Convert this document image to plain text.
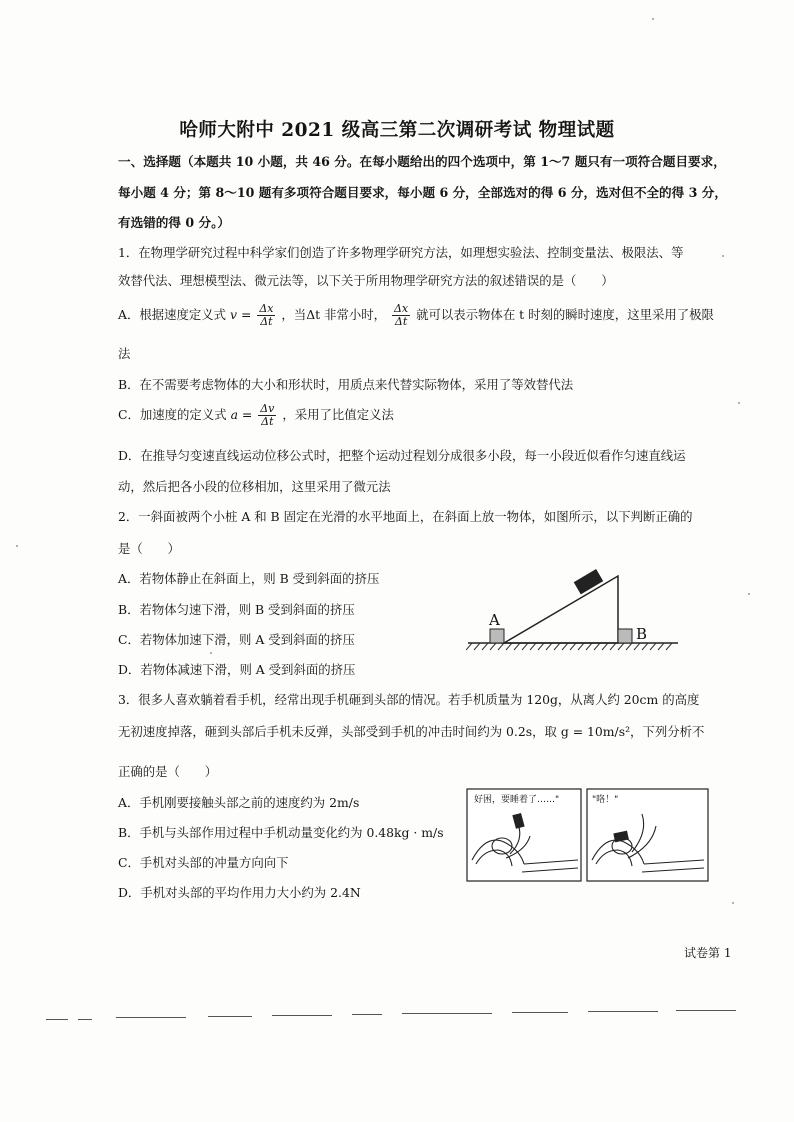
哈师大附中 2021 级高三第二次调研考试 物理试题
一、选择题（本题共 10 小题，共 46 分。在每小题给出的四个选项中，第 1～7 题只有一项符合题目要求，
每小题 4 分；第 8～10 题有多项符合题目要求，每小题 6 分，全部选对的得 6 分，选对但不全的得 3 分，
有选错的得 0 分。）
1．在物理学研究过程中科学家们创造了许多物理学研究方法，如理想实验法、控制变量法、极限法、等
效替代法、理想模型法、微元法等，以下关于所用物理学研究方法的叙述错误的是（　　）
A．根据速度定义式 $v = \frac{\Delta x}{\Delta t}$ ，当Δt 非常小时， $\frac{\Delta x}{\Delta t}$ 就可以表示物体在 t 时刻的瞬时速度，这里采用了极限
法
B．在不需要考虑物体的大小和形状时，用质点来代替实际物体，采用了等效替代法
C．加速度的定义式 $a = \frac{\Delta v}{\Delta t}$ ，采用了比值定义法
D．在推导匀变速直线运动位移公式时，把整个运动过程划分成很多小段，每一小段近似看作匀速直线运
动，然后把各小段的位移相加，这里采用了微元法
2．一斜面被两个小桩 A 和 B 固定在光滑的水平地面上，在斜面上放一物体，如图所示，以下判断正确的
是（　　）
A．若物体静止在斜面上，则 B 受到斜面的挤压
B．若物体匀速下滑，则 B 受到斜面的挤压
C．若物体加速下滑，则 A 受到斜面的挤压
D．若物体减速下滑，则 A 受到斜面的挤压
A
B
3．很多人喜欢躺着看手机，经常出现手机砸到头部的情况。若手机质量为 120g，从离人约 20cm 的高度
无初速度掉落，砸到头部后手机未反弹，头部受到手机的冲击时间约为 0.2s，取 g = 10m/s²，下列分析不
正确的是（　　）
A．手机刚要接触头部之前的速度约为 2m/s
B．手机与头部作用过程中手机动量变化约为 0.48kg · m/s
C．手机对头部的冲量方向向下
D．手机对头部的平均作用力大小约为 2.4N
好困，要睡着了……"	"咯！"
试卷第 1
